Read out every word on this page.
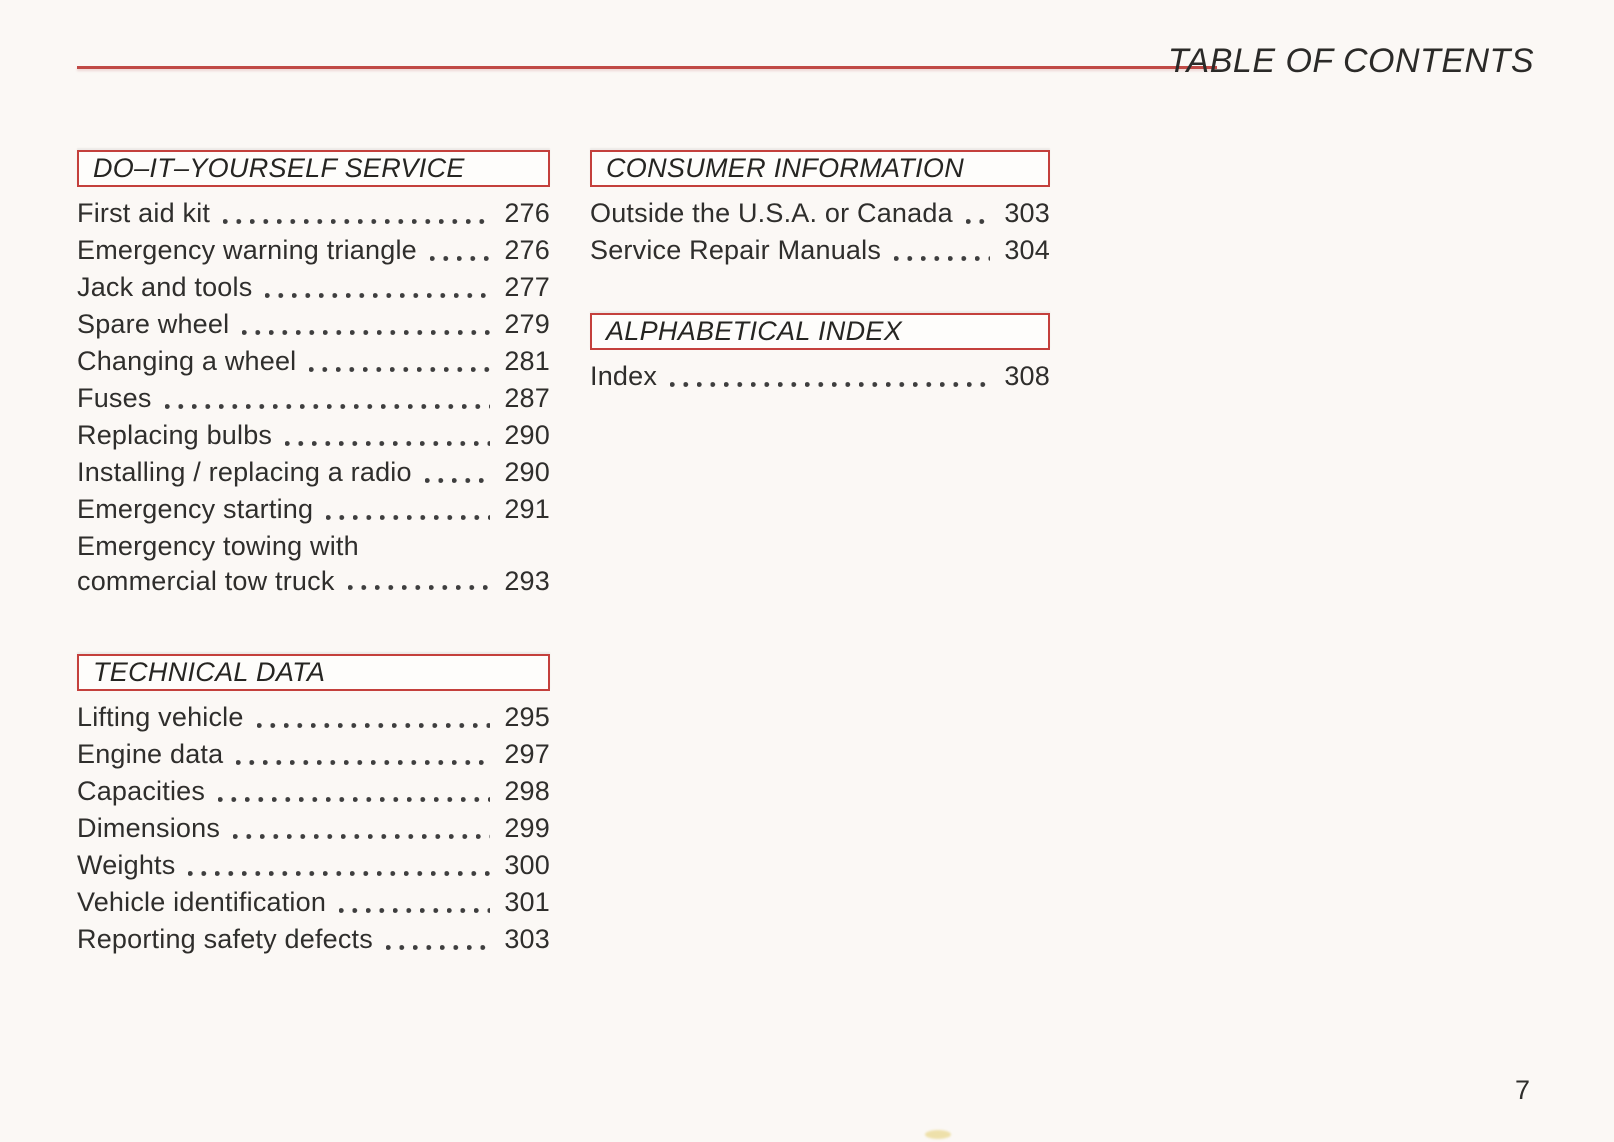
TABLE OF CONTENTS
DO–IT–YOURSELF SERVICE
First aid kit	276
Emergency warning triangle	276
Jack and tools	277
Spare wheel	279
Changing a wheel	281
Fuses	287
Replacing bulbs	290
Installing / replacing a radio	290
Emergency starting	291
Emergency towing with
commercial tow truck	293
TECHNICAL DATA
Lifting vehicle	295
Engine data	297
Capacities	298
Dimensions	299
Weights	300
Vehicle identification	301
Reporting safety defects	303
CONSUMER INFORMATION
Outside the U.S.A. or Canada 303
Service Repair Manuals	304
ALPHABETICAL INDEX
Index	308
7
